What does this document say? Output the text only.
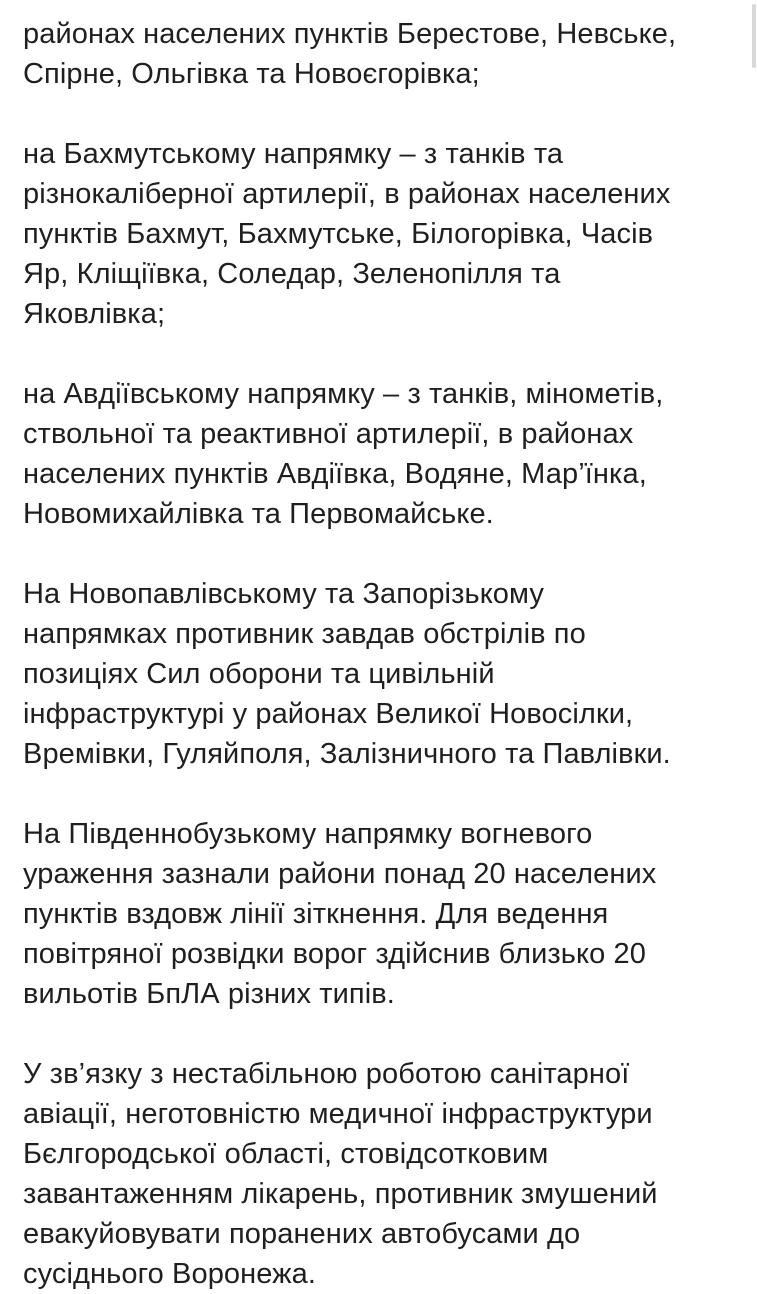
районах населених пунктів Берестове, Невське,
Спірне, Ольгівка та Новоєгорівка;

на Бахмутському напрямку – з танків та
різнокаліберної артилерії, в районах населених
пунктів Бахмут, Бахмутське, Білогорівка, Часів
Яр, Кліщіївка, Соледар, Зеленопілля та
Яковлівка;

на Авдіївському напрямку – з танків, мінометів,
ствольної та реактивної артилерії, в районах
населених пунктів Авдіївка, Водяне, Мар’їнка,
Новомихайлівка та Первомайське.

На Новопавлівському та Запорізькому
напрямках противник завдав обстрілів по
позиціях Сил оборони та цивільній
інфраструктурі у районах Великої Новосілки,
Времівки, Гуляйполя, Залізничного та Павлівки.

На Південнобузькому напрямку вогневого
ураження зазнали райони понад 20 населених
пунктів вздовж лінії зіткнення. Для ведення
повітряної розвідки ворог здійснив близько 20
вильотів БпЛА різних типів.

У зв’язку з нестабільною роботою санітарної
авіації, неготовністю медичної інфраструктури
Бєлгородської області, стовідсотковим
завантаженням лікарень, противник змушений
евакуйовувати поранених автобусами до
сусіднього Воронежа.
